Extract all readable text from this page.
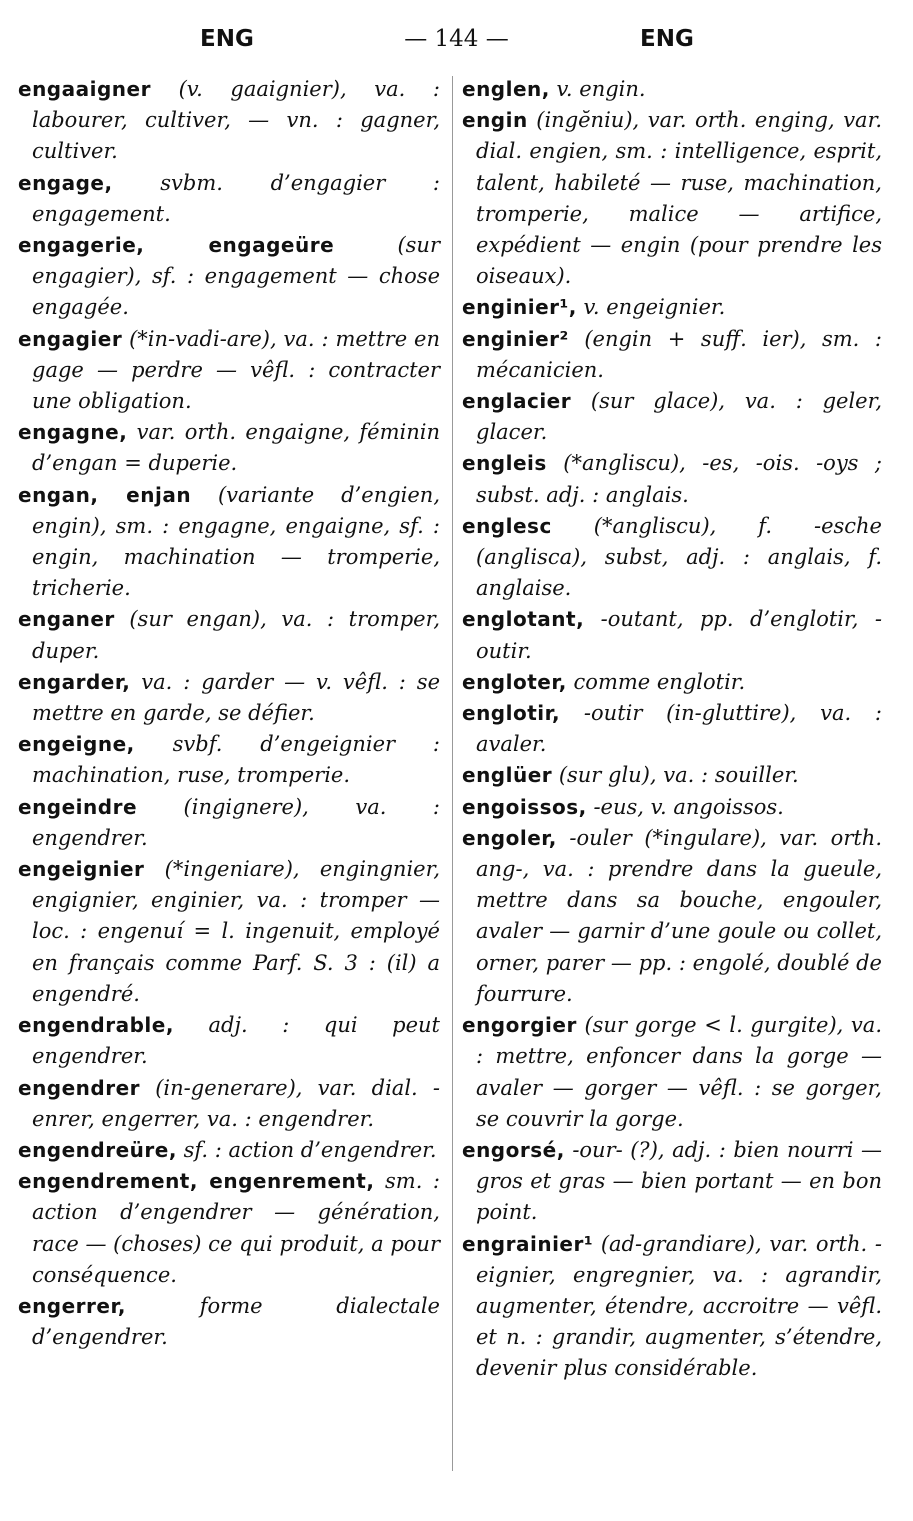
ENG	— 144 —	ENG

engaaigner (v. gaaignier), va. : labourer, cultiver, — vn. : gagner, cultiver.

engage, svbm. d’engagier : engagement.

engagerie, engageüre (sur engagier), sf. : engagement — chose engagée.

engagier (*in-vadi-are), va. : mettre en gage — perdre — vêfl. : contracter une obligation.

engagne, var. orth. engaigne, féminin d’engan = duperie.

engan, enjan (variante d’engien, engin), sm. : engagne, engaigne, sf. : engin, machination — tromperie, tricherie.

enganer (sur engan), va. : tromper, duper.

engarder, va. : garder — v. vêfl. : se mettre en garde, se défier.

engeigne, svbf. d’engeignier : machination, ruse, tromperie.

engeindre (ingignere), va. : engendrer.

engeignier (*ingeniare), engingnier, engignier, enginier, va. : tromper — loc. : engenuí = l. ingenuit, employé en français comme Parf. S. 3 : (il) a engendré.

engendrable, adj. : qui peut engendrer.

engendrer (in-generare), var. dial. -enrer, engerrer, va. : engendrer.

engendreüre, sf. : action d’engendrer.

engendrement, engenrement, sm. : action d’engendrer — génération, race — (choses) ce qui produit, a pour conséquence.

engerrer, forme dialectale d’engendrer.

englen, v. engin.

engin (ingĕniu), var. orth. enging, var. dial. engien, sm. : intelligence, esprit, talent, habileté — ruse, machination, tromperie, malice — artifice, expédient — engin (pour prendre les oiseaux).

enginier¹, v. engeignier.

enginier² (engin + suff. ier), sm. : mécanicien.

englacier (sur glace), va. : geler, glacer.

engleis (*angliscu), -es, -ois. -oys ; subst. adj. : anglais.

englesc (*angliscu), f. -esche (anglisca), subst, adj. : anglais, f. anglaise.

englotant, -outant, pp. d’englotir, -outir.

engloter, comme englotir.

englotir, -outir (in-gluttire), va. : avaler.

englüer (sur glu), va. : souiller.

engoissos, -eus, v. angoissos.

engoler, -ouler (*ingulare), var. orth. ang-, va. : prendre dans la gueule, mettre dans sa bouche, engouler, avaler — garnir d’une goule ou collet, orner, parer — pp. : engolé, doublé de fourrure.

engorgier (sur gorge < l. gurgite), va. : mettre, enfoncer dans la gorge — avaler — gorger — vêfl. : se gorger, se couvrir la gorge.

engorsé, -our- (?), adj. : bien nourri — gros et gras — bien portant — en bon point.

engrainier¹ (ad-grandiare), var. orth. -eignier, engregnier, va. : agrandir, augmenter, étendre, accroitre — vêfl. et n. : grandir, augmenter, s’étendre, devenir plus considérable.
